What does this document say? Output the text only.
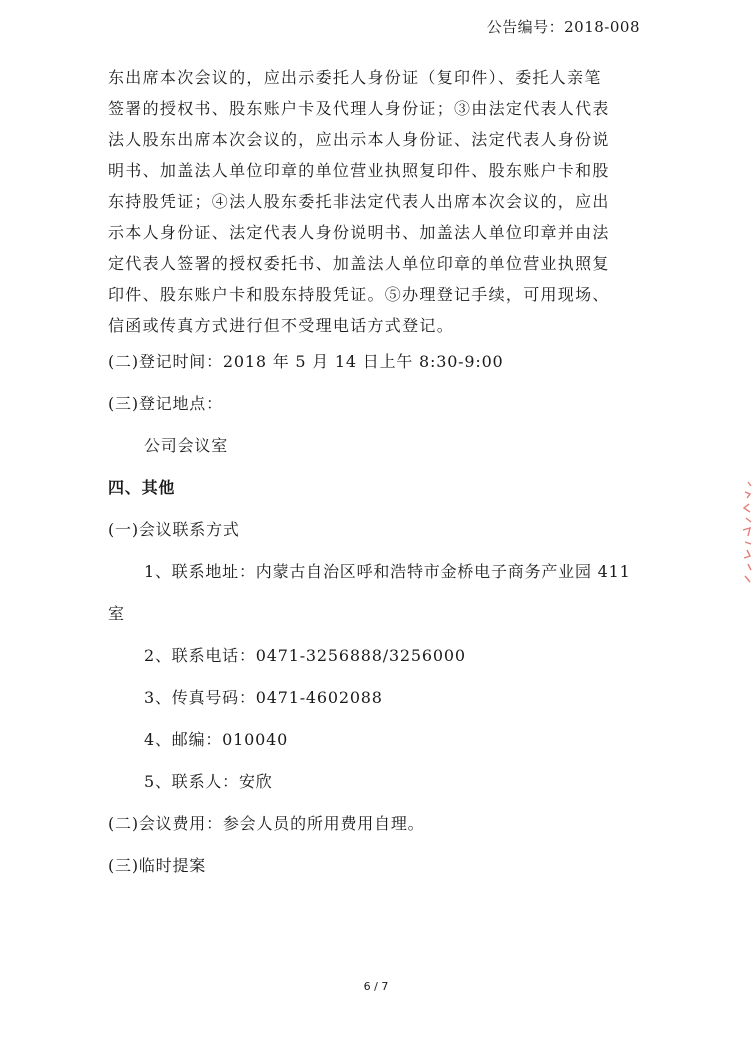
公告编号：2018-008
东出席本次会议的，应出示委托人身份证（复印件）、委托人亲笔
签署的授权书、股东账户卡及代理人身份证；③由法定代表人代表
法人股东出席本次会议的，应出示本人身份证、法定代表人身份说
明书、加盖法人单位印章的单位营业执照复印件、股东账户卡和股
东持股凭证；④法人股东委托非法定代表人出席本次会议的，应出
示本人身份证、法定代表人身份说明书、加盖法人单位印章并由法
定代表人签署的授权委托书、加盖法人单位印章的单位营业执照复
印件、股东账户卡和股东持股凭证。⑤办理登记手续，可用现场、
信函或传真方式进行但不受理电话方式登记。
(二)登记时间：2018 年 5 月 14 日上午 8:30-9:00
(三)登记地点：
公司会议室
四、其他
(一)会议联系方式
1、联系地址：内蒙古自治区呼和浩特市金桥电子商务产业园 411
室
2、联系电话：0471-3256888/3256000
3、传真号码：0471-4602088
4、邮编：010040
5、联系人：安欣
(二)会议费用：参会人员的所用费用自理。
(三)临时提案
6 / 7
